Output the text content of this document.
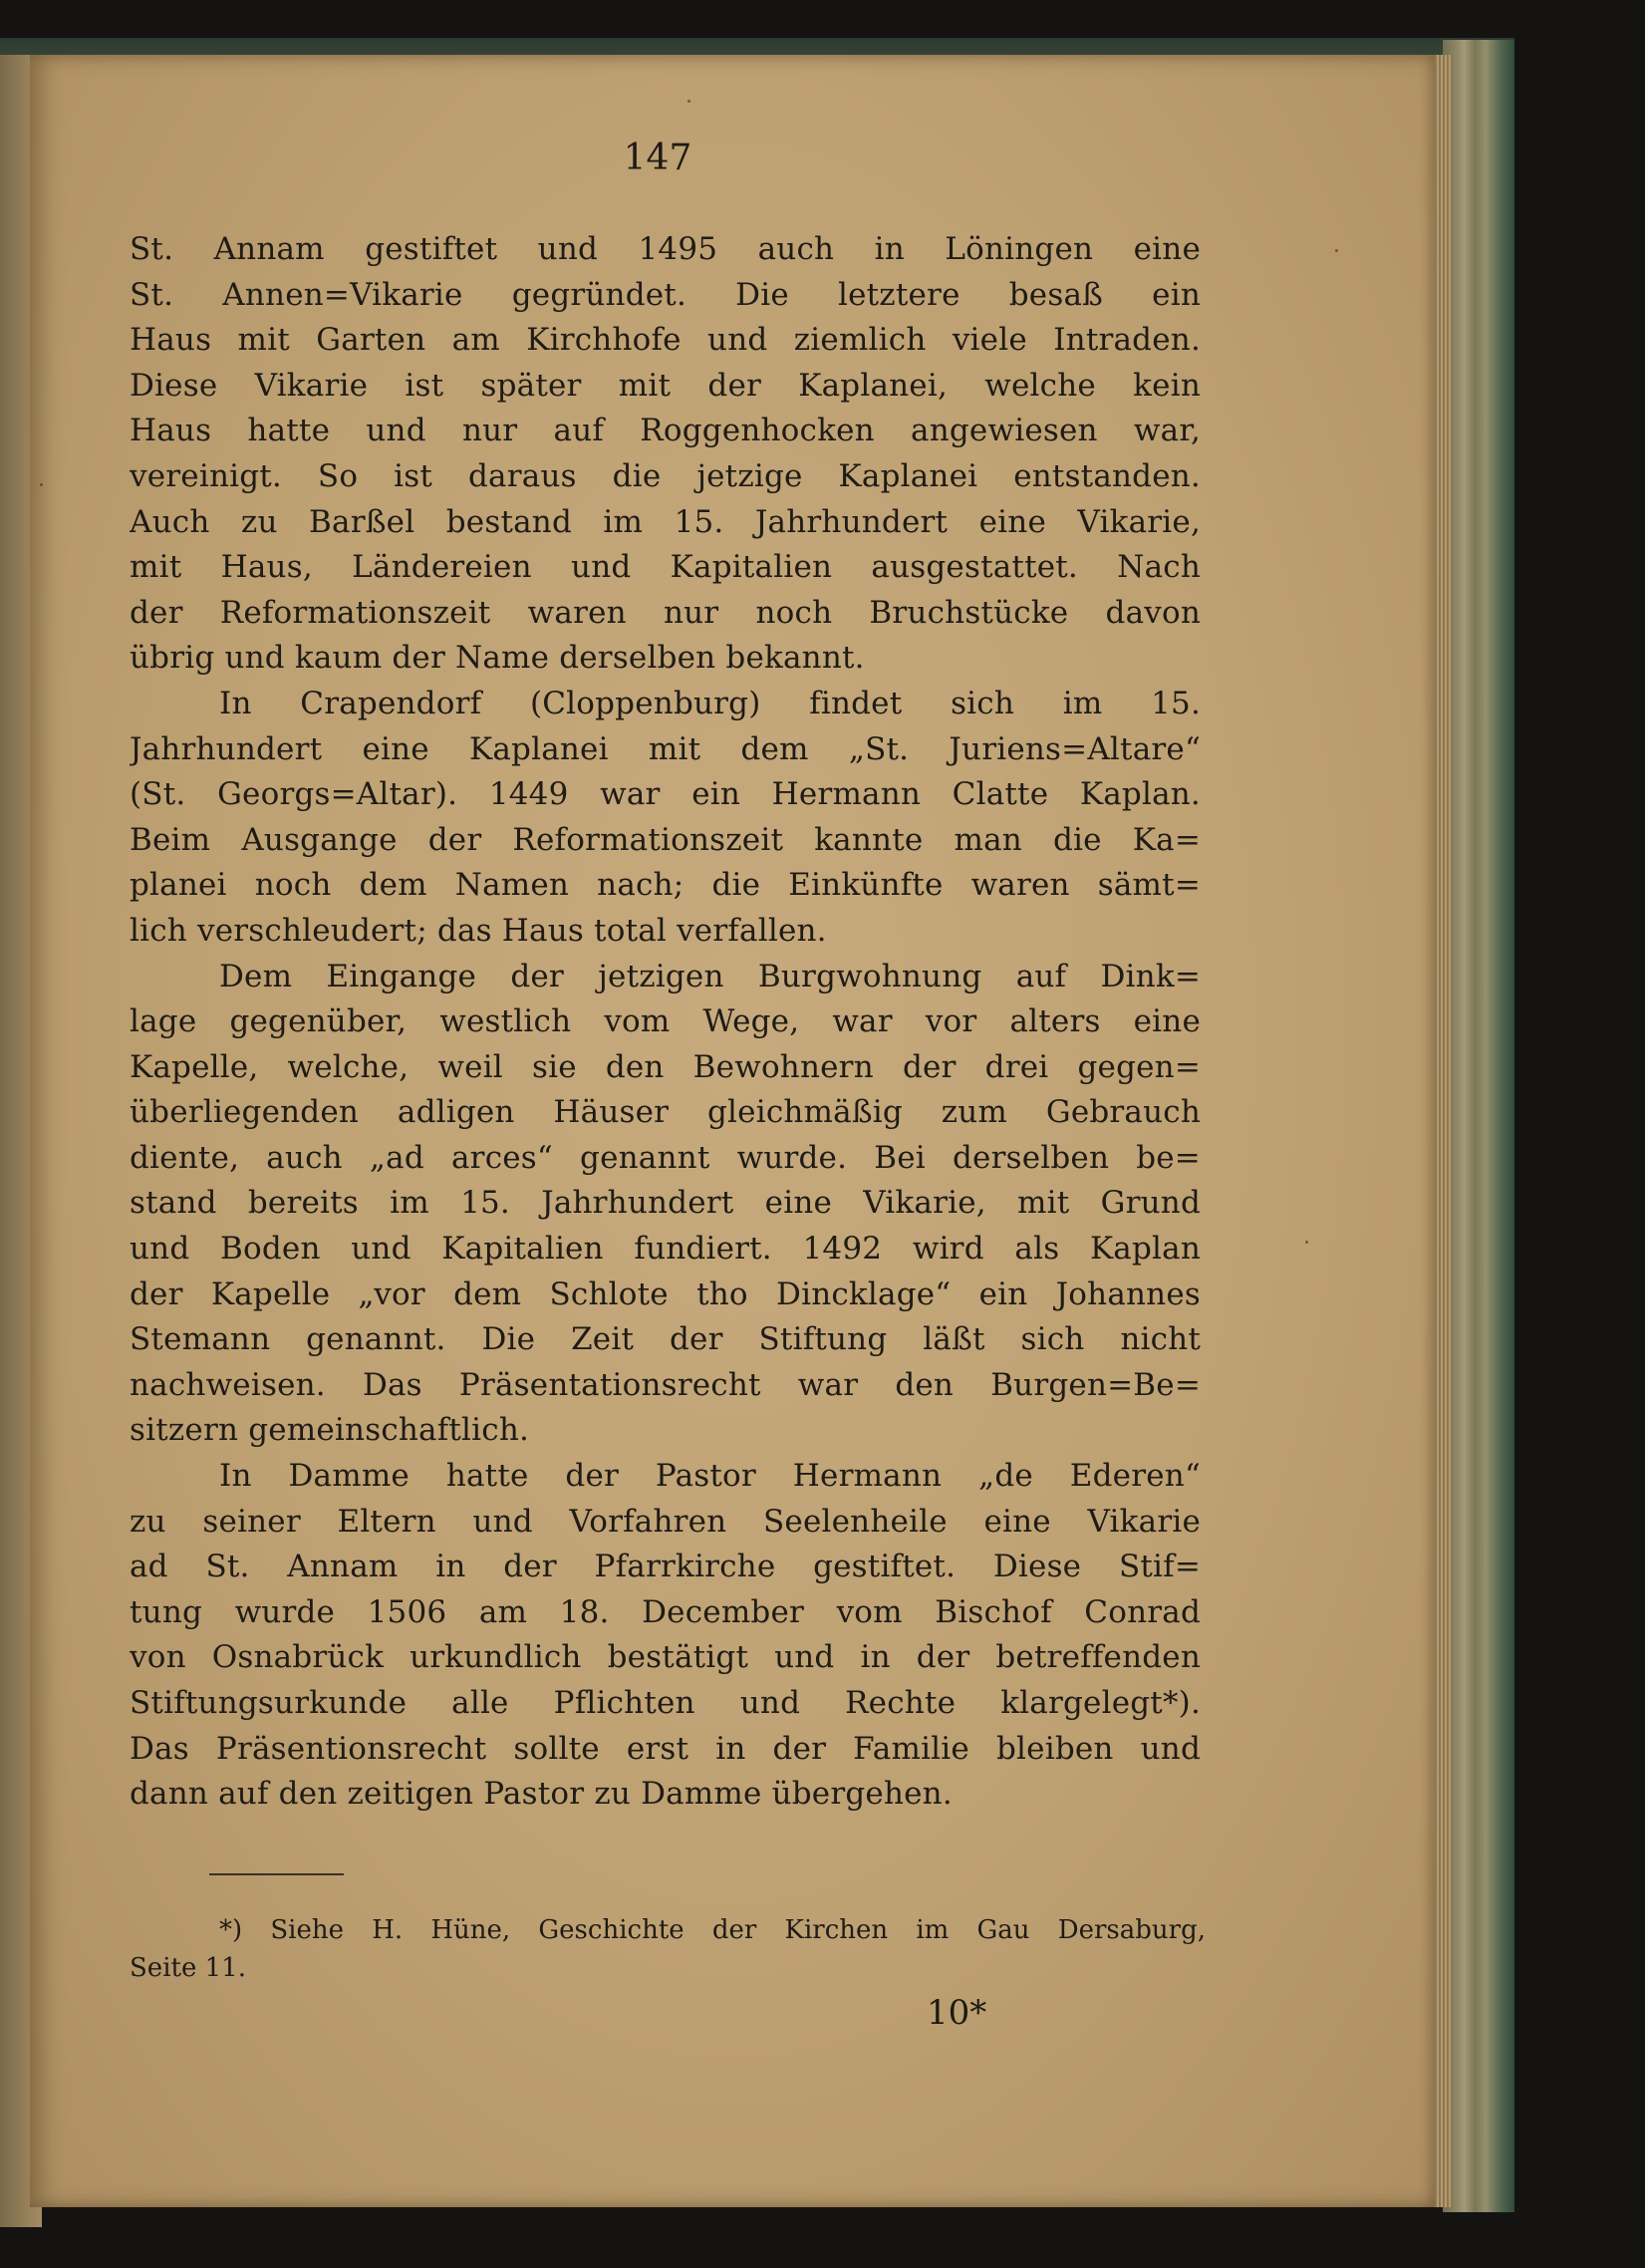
147
St. Annam gestiftet und 1495 auch in Löningen eine
St. Annen=Vikarie gegründet. Die letztere besaß ein
Haus mit Garten am Kirchhofe und ziemlich viele Intraden.
Diese Vikarie ist später mit der Kaplanei, welche kein
Haus hatte und nur auf Roggenhocken angewiesen war,
vereinigt. So ist daraus die jetzige Kaplanei entstanden.
Auch zu Barßel bestand im 15. Jahrhundert eine Vikarie,
mit Haus, Ländereien und Kapitalien ausgestattet. Nach
der Reformationszeit waren nur noch Bruchstücke davon
übrig und kaum der Name derselben bekannt.
In Crapendorf (Cloppenburg) findet sich im 15.
Jahrhundert eine Kaplanei mit dem „St. Juriens=Altare“
(St. Georgs=Altar). 1449 war ein Hermann Clatte Kaplan.
Beim Ausgange der Reformationszeit kannte man die Ka=
planei noch dem Namen nach; die Einkünfte waren sämt=
lich verschleudert; das Haus total verfallen.
Dem Eingange der jetzigen Burgwohnung auf Dink=
lage gegenüber, westlich vom Wege, war vor alters eine
Kapelle, welche, weil sie den Bewohnern der drei gegen=
überliegenden adligen Häuser gleichmäßig zum Gebrauch
diente, auch „ad arces“ genannt wurde. Bei derselben be=
stand bereits im 15. Jahrhundert eine Vikarie, mit Grund
und Boden und Kapitalien fundiert. 1492 wird als Kaplan
der Kapelle „vor dem Schlote tho Dincklage“ ein Johannes
Stemann genannt. Die Zeit der Stiftung läßt sich nicht
nachweisen. Das Präsentationsrecht war den Burgen=Be=
sitzern gemeinschaftlich.
In Damme hatte der Pastor Hermann „de Ederen“
zu seiner Eltern und Vorfahren Seelenheile eine Vikarie
ad St. Annam in der Pfarrkirche gestiftet. Diese Stif=
tung wurde 1506 am 18. December vom Bischof Conrad
von Osnabrück urkundlich bestätigt und in der betreffenden
Stiftungsurkunde alle Pflichten und Rechte klargelegt*).
Das Präsentionsrecht sollte erst in der Familie bleiben und
dann auf den zeitigen Pastor zu Damme übergehen.
*) Siehe H. Hüne, Geschichte der Kirchen im Gau Dersaburg,
Seite 11.
10*
